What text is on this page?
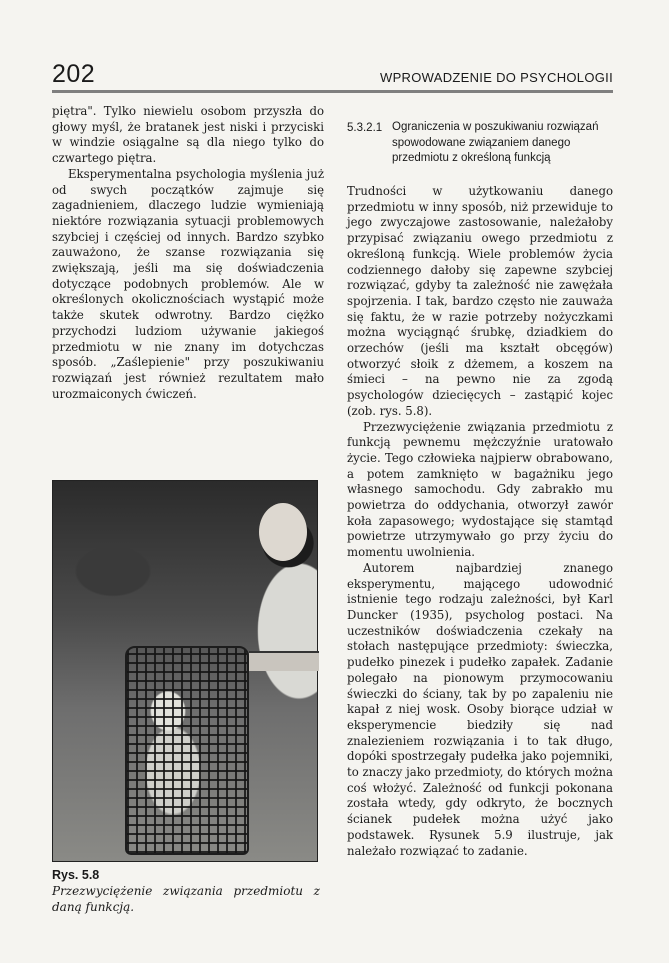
202	WPROWADZENIE DO PSYCHOLOGII

piętra". Tylko niewielu osobom przyszła do głowy myśl, że bratanek jest niski i przyciski w windzie osiągalne są dla niego tylko do czwartego piętra.

Eksperymentalna psychologia myślenia już od swych początków zajmuje się zagadnieniem, dlaczego ludzie wymieniają niektóre rozwiązania sytuacji problemowych szybciej i częściej od innych. Bardzo szybko zauważono, że szanse rozwiązania się zwiększają, jeśli ma się doświadczenia dotyczące podobnych problemów. Ale w określonych okolicznościach wystąpić może także skutek odwrotny. Bardzo ciężko przychodzi ludziom używanie jakiegoś przedmiotu w nie znany im dotychczas sposób. „Zaślepienie" przy poszukiwaniu rozwiązań jest również rezultatem mało urozmaiconych ćwiczeń.

Rys. 5.8
Przezwyciężenie związania przedmiotu z daną funkcją.
5.3.2.1 Ograniczenia w poszukiwaniu rozwiązań spowodowane związaniem danego przedmiotu z określoną funkcją

Trudności w użytkowaniu danego przedmiotu w inny sposób, niż przewiduje to jego zwyczajowe zastosowanie, należałoby przypisać związaniu owego przedmiotu z określoną funkcją. Wiele problemów życia codziennego dałoby się zapewne szybciej rozwiązać, gdyby ta zależność nie zawężała spojrzenia. I tak, bardzo często nie zauważa się faktu, że w razie potrzeby nożyczkami można wyciągnąć śrubkę, dziadkiem do orzechów (jeśli ma kształt obcęgów) otworzyć słoik z dżemem, a koszem na śmieci – na pewno nie za zgodą psychologów dziecięcych – zastąpić kojec (zob. rys. 5.8).

Przezwyciężenie związania przedmiotu z funkcją pewnemu mężczyźnie uratowało życie. Tego człowieka najpierw obrabowano, a potem zamknięto w bagażniku jego własnego samochodu. Gdy zabrakło mu powietrza do oddychania, otworzył zawór koła zapasowego; wydostające się stamtąd powietrze utrzymywało go przy życiu do momentu uwolnienia.

Autorem najbardziej znanego eksperymentu, mającego udowodnić istnienie tego rodzaju zależności, był Karl Duncker (1935), psycholog postaci. Na uczestników doświadczenia czekały na stołach następujące przedmioty: świeczka, pudełko pinezek i pudełko zapałek. Zadanie polegało na pionowym przymocowaniu świeczki do ściany, tak by po zapaleniu nie kapał z niej wosk. Osoby biorące udział w eksperymencie biedziły się nad znalezieniem rozwiązania i to tak długo, dopóki spostrzegały pudełka jako pojemniki, to znaczy jako przedmioty, do których można coś włożyć. Zależność od funkcji pokonana została wtedy, gdy odkryto, że bocznych ścianek pudełek można użyć jako podstawek. Rysunek 5.9 ilustruje, jak należało rozwiązać to zadanie.
